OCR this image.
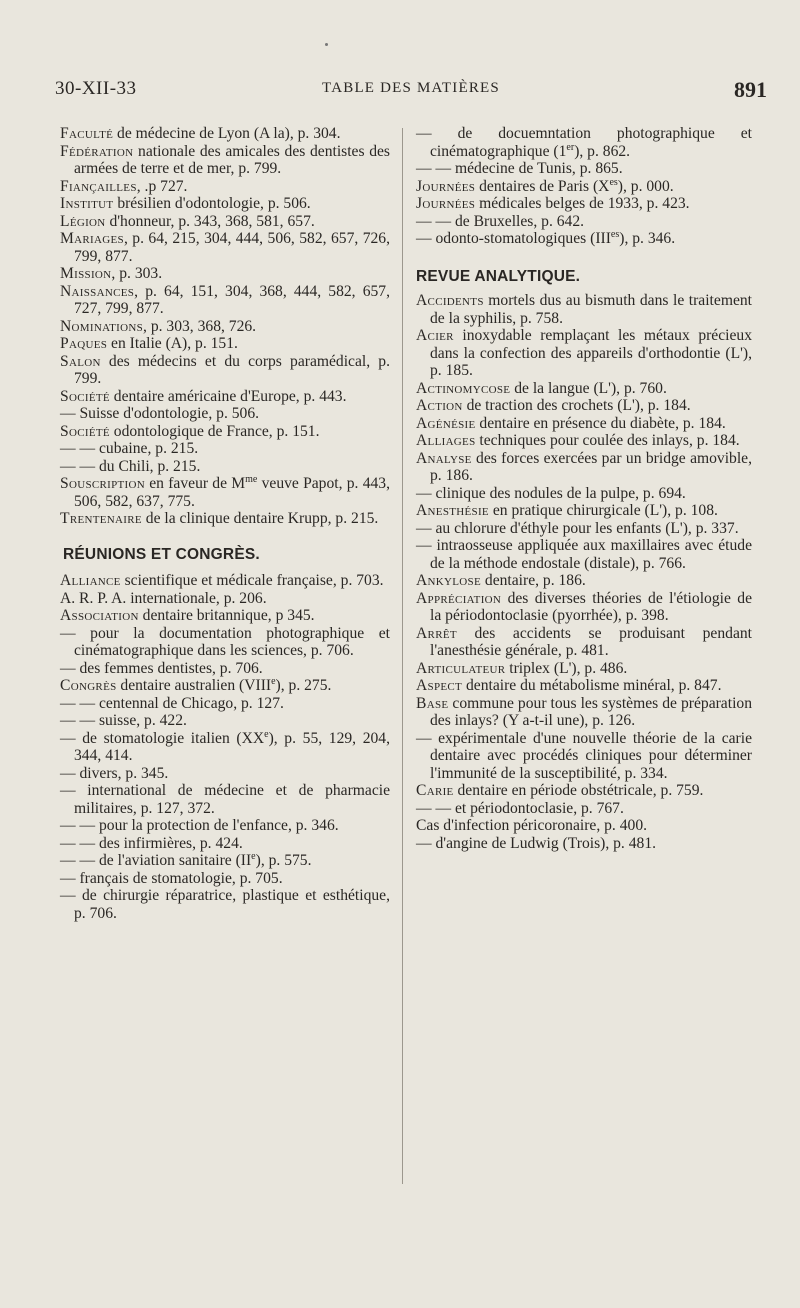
30-XII-33	TABLE DES MATIÈRES	891

Faculté de médecine de Lyon (A la), p. 304.

Fédération nationale des amicales des dentistes des armées de terre et de mer, p. 799.

Fiançailles, .p 727.

Institut brésilien d'odontologie, p. 506.

Légion d'honneur, p. 343, 368, 581, 657.

Mariages, p. 64, 215, 304, 444, 506, 582, 657, 726, 799, 877.

Mission, p. 303.

Naissances, p. 64, 151, 304, 368, 444, 582, 657, 727, 799, 877.

Nominations, p. 303, 368, 726.

Paques en Italie (A), p. 151.

Salon des médecins et du corps paramédical, p. 799.

Société dentaire américaine d'Europe, p. 443.

— Suisse d'odontologie, p. 506.

Société odontologique de France, p. 151.

— — cubaine, p. 215.

— — du Chili, p. 215.

Souscription en faveur de $M^{me}$ veuve Papot, p. 443, 506, 582, 637, 775.

Trentenaire de la clinique dentaire Krupp, p. 215.

RÉUNIONS ET CONGRÈS.

Alliance scientifique et médicale française, p. 703.

A. R. P. A. internationale, p. 206.

Association dentaire britannique, p 345.

— pour la documentation photographique et cinématographique dans les sciences, p. 706.

— des femmes dentistes, p. 706.

Congrès dentaire australien (VIIIe), p. 275.

— — centennal de Chicago, p. 127.

— — suisse, p. 422.

— de stomatologie italien (XXe), p. 55, 129, 204, 344, 414.

— divers, p. 345.

— international de médecine et de pharmacie militaires, p. 127, 372.

— — pour la protection de l'enfance, p. 346.

— — des infirmières, p. 424.

— — de l'aviation sanitaire (IIe), p. 575.

— français de stomatologie, p. 705.

— de chirurgie réparatrice, plastique et esthétique, p. 706.

— de docuemntation photographique et cinématographique (1er), p. 862.

— — médecine de Tunis, p. 865.

Journées dentaires de Paris $(X^{es})$, p. 000.

Journées médicales belges de 1933, p. 423.

— — de Bruxelles, p. 642.

— odonto-stomatologiques $(III^{es})$, p. 346.

REVUE ANALYTIQUE.

Accidents mortels dus au bismuth dans le traitement de la syphilis, p. 758.

Acier inoxydable remplaçant les métaux précieux dans la confection des appareils d'orthodontie (L'), p. 185.

Actinomycose de la langue (L'), p. 760.

Action de traction des crochets (L'), p. 184.

Agénésie dentaire en présence du diabète, p. 184.

Alliages techniques pour coulée des inlays, p. 184.

Analyse des forces exercées par un bridge amovible, p. 186.

— clinique des nodules de la pulpe, p. 694.

Anesthésie en pratique chirurgicale (L'), p. 108.

— au chlorure d'éthyle pour les enfants (L'), p. 337.

— intraosseuse appliquée aux maxillaires avec étude de la méthode endostale (distale), p. 766.

Ankylose dentaire, p. 186.

Appréciation des diverses théories de l'étiologie de la périodontoclasie (pyorrhée), p. 398.

Arrêt des accidents se produisant pendant l'anesthésie générale, p. 481.

Articulateur triplex (L'), p. 486.

Aspect dentaire du métabolisme minéral, p. 847.

Base commune pour tous les systèmes de préparation des inlays? (Y a-t-il une), p. 126.

— expérimentale d'une nouvelle théorie de la carie dentaire avec procédés cliniques pour déterminer l'immunité de la susceptibilité, p. 334.

Carie dentaire en période obstétricale, p. 759.

— — et périodontoclasie, p. 767.

Cas d'infection péricoronaire, p. 400.

— d'angine de Ludwig (Trois), p. 481.
